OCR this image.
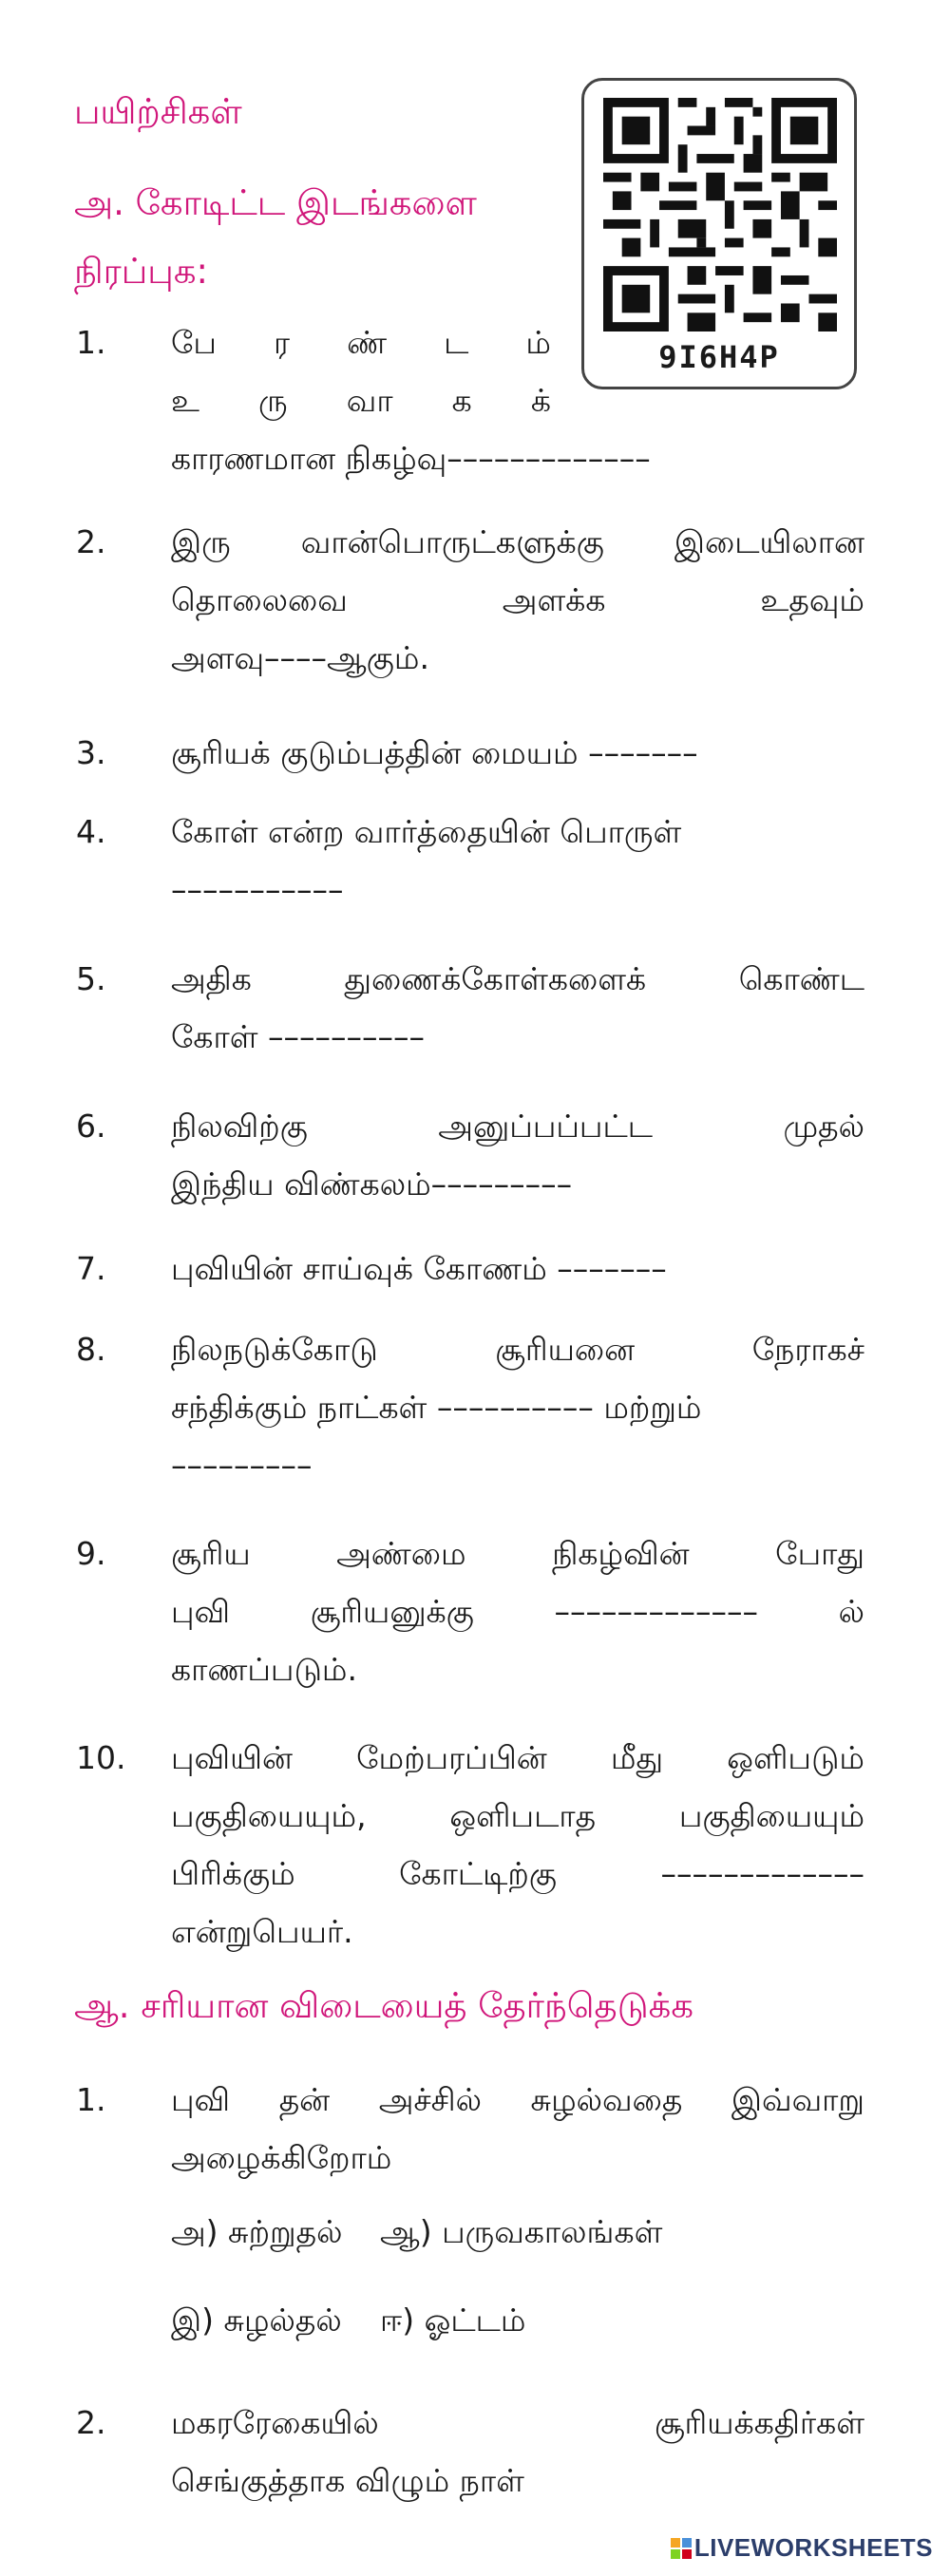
பயிற்சிகள்
அ. கோடிட்ட இடங்களை
நிரப்புக:
9I6H4P
1.	பே ர ண் ட ம்
உ ரு வா க க்
காரணமான நிகழ்வு–––––––––––––
2.	இரு வான்பொருட்களுக்கு இடையிலான
தொலைவை அளக்க உதவும்
அளவு––––ஆகும்.
3.	சூரியக் குடும்பத்தின் மையம் –––––––
4.	கோள் என்ற வார்த்தையின் பொருள்
–––––––––––
5.	அதிக துணைக்கோள்களைக் கொண்ட
கோள் ––––––––––
6.	நிலவிற்கு அனுப்பப்பட்ட முதல்
இந்திய விண்கலம்–––––––––
7.	புவியின் சாய்வுக் கோணம் –––––––
8.	நிலநடுக்கோடு சூரியனை நேராகச்
சந்திக்கும் நாட்கள் –––––––––– மற்றும்
–––––––––
9.	சூரிய அண்மை நிகழ்வின் போது
புவி சூரியனுக்கு ––––––––––––– ல்
காணப்படும்.
10.	புவியின் மேற்பரப்பின் மீது ஒளிபடும்
பகுதியையும், ஒளிபடாத பகுதியையும்
பிரிக்கும் கோட்டிற்கு –––––––––––––
என்றுபெயர்.
ஆ. சரியான விடையைத் தேர்ந்தெடுக்க
1.	புவி தன் அச்சில் சுழல்வதை இவ்வாறு
அழைக்கிறோம்
அ) சுற்றுதல் ஆ) பருவகாலங்கள்
இ) சுழல்தல் ஈ) ஓட்டம்
2.	மகரரேகையில் சூரியக்கதிர்கள்
செங்குத்தாக விழும் நாள்
LIVEWORKSHEETS
